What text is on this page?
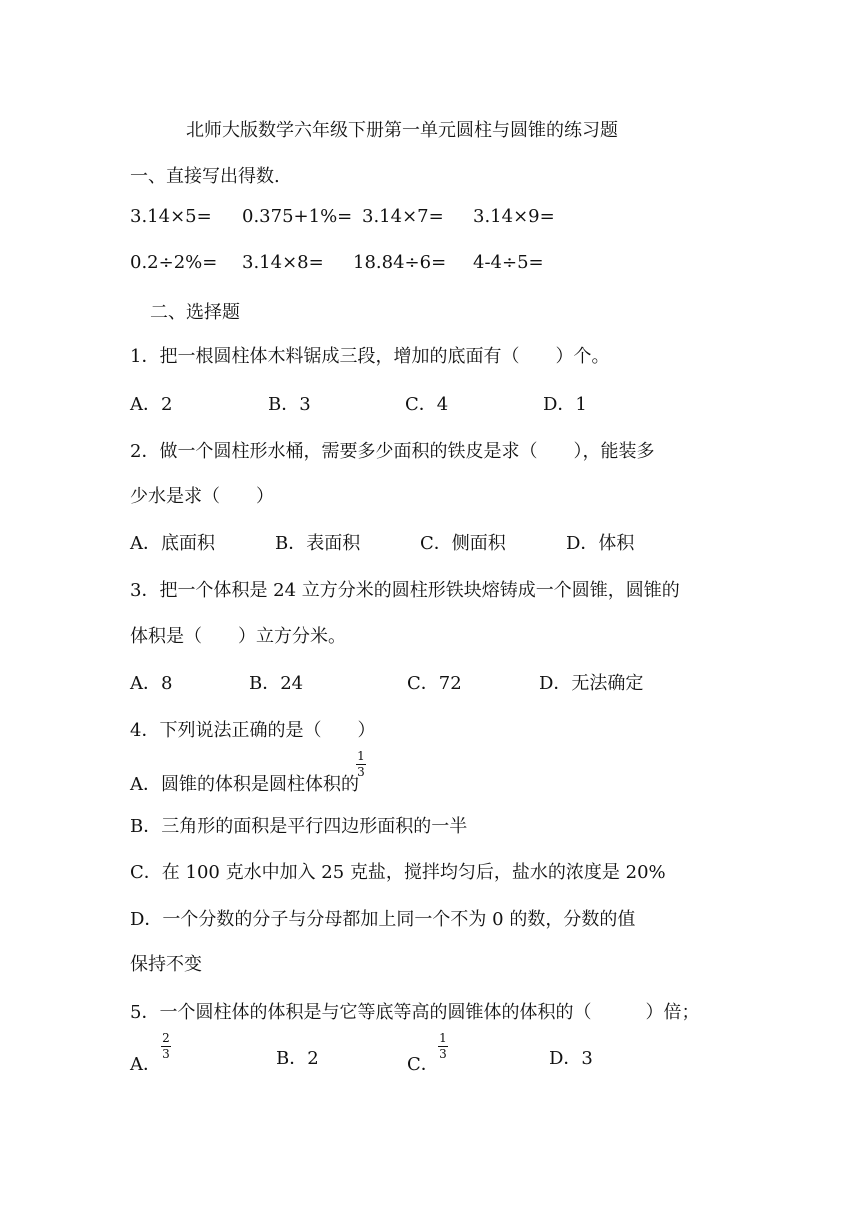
北师大版数学六年级下册第一单元圆柱与圆锥的练习题
一、直接写出得数.
3.14×5= 0.375+1%= 3.14×7= 3.14×9=
0.2÷2%= 3.14×8= 18.84÷6= 4-4÷5=
二、选择题
1．把一根圆柱体木料锯成三段，增加的底面有（　　）个。
A．2	B．3	C．4	D．1
2．做一个圆柱形水桶，需要多少面积的铁皮是求（　　），能装多
少水是求（　　）
A．底面积	B．表面积	C．侧面积	D．体积
3．把一个体积是 24 立方分米的圆柱形铁块熔铸成一个圆锥，圆锥的
体积是（　　）立方分米。
A．8	B．24	C．72	D．无法确定
4．下列说法正确的是（　　）
A．圆锥的体积是圆柱体积的
1
3
B．三角形的面积是平行四边形面积的一半
C．在 100 克水中加入 25 克盐，搅拌均匀后，盐水的浓度是 20%
D．一个分数的分子与分母都加上同一个不为 0 的数，分数的值
保持不变
5．一个圆柱体的体积是与它等底等高的圆锥体的体积的（　　　）倍；
A．
2
3	B．2	C．
1
3	D．3
